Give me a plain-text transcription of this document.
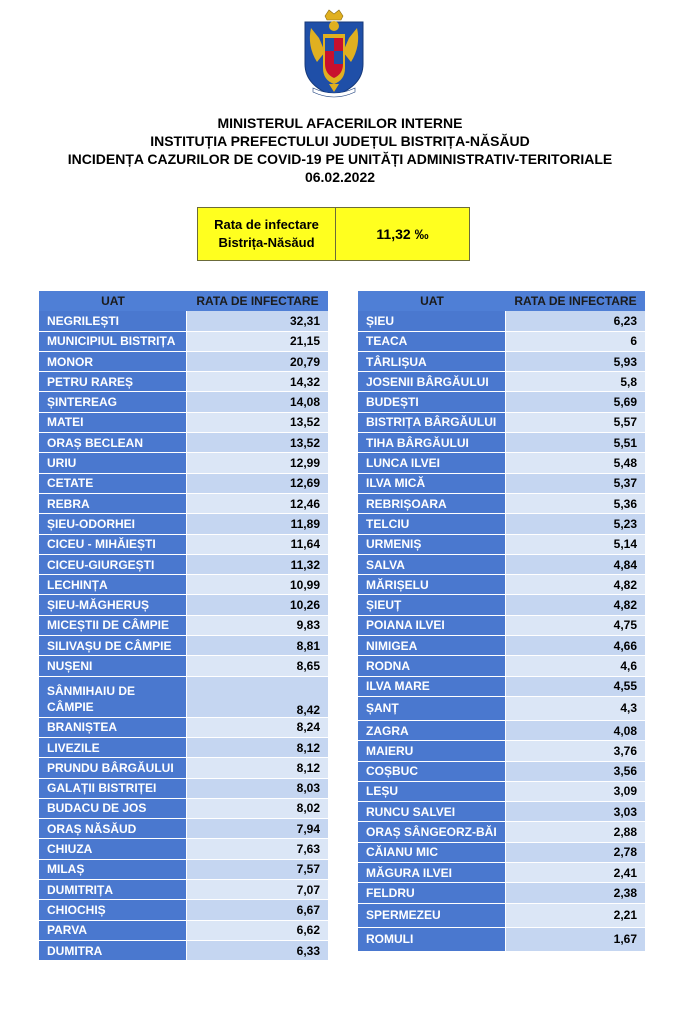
MINISTERUL AFACERILOR INTERNE
INSTITUȚIA PREFECTULUI JUDEȚUL BISTRIȚA-NĂSĂUD
INCIDENȚA CAZURILOR DE COVID-19 PE UNITĂȚI ADMINISTRATIV-TERITORIALE
06.02.2022
Rata de infectare
Bistrița-Năsăud
11,32 ‰
UAT	RATA DE INFECTARE
NEGRILEȘTI	32,31
MUNICIPIUL BISTRIȚA	21,15
MONOR	20,79
PETRU RAREȘ	14,32
ȘINTEREAG	14,08
MATEI	13,52
ORAȘ BECLEAN	13,52
URIU	12,99
CETATE	12,69
REBRA	12,46
ȘIEU-ODORHEI	11,89
CICEU - MIHĂIEȘTI	11,64
CICEU-GIURGEȘTI	11,32
LECHINȚA	10,99
ȘIEU-MĂGHERUȘ	10,26
MICEȘTII DE CÂMPIE	9,83
SILIVAȘU DE CÂMPIE	8,81
NUȘENI	8,65
SÂNMIHAIU DE CÂMPIE	8,42
BRANIȘTEA	8,24
LIVEZILE	8,12
PRUNDU BÂRGĂULUI	8,12
GALAȚII BISTRIȚEI	8,03
BUDACU DE JOS	8,02
ORAȘ NĂSĂUD	7,94
CHIUZA	7,63
MILAȘ	7,57
DUMITRIȚA	7,07
CHIOCHIȘ	6,67
PARVA	6,62
DUMITRA	6,33
UAT	RATA DE INFECTARE
ȘIEU	6,23
TEACA	6
TÂRLIȘUA	5,93
JOSENII BÂRGĂULUI	5,8
BUDEȘTI	5,69
BISTRIȚA BÂRGĂULUI	5,57
TIHA BÂRGĂULUI	5,51
LUNCA ILVEI	5,48
ILVA MICĂ	5,37
REBRIȘOARA	5,36
TELCIU	5,23
URMENIȘ	5,14
SALVA	4,84
MĂRIȘELU	4,82
ȘIEUȚ	4,82
POIANA ILVEI	4,75
NIMIGEA	4,66
RODNA	4,6
ILVA MARE	4,55
ȘANȚ	4,3
ZAGRA	4,08
MAIERU	3,76
COȘBUC	3,56
LEȘU	3,09
RUNCU SALVEI	3,03
ORAȘ SÂNGEORZ-BĂI	2,88
CĂIANU MIC	2,78
MĂGURA ILVEI	2,41
FELDRU	2,38
SPERMEZEU	2,21
ROMULI	1,67
